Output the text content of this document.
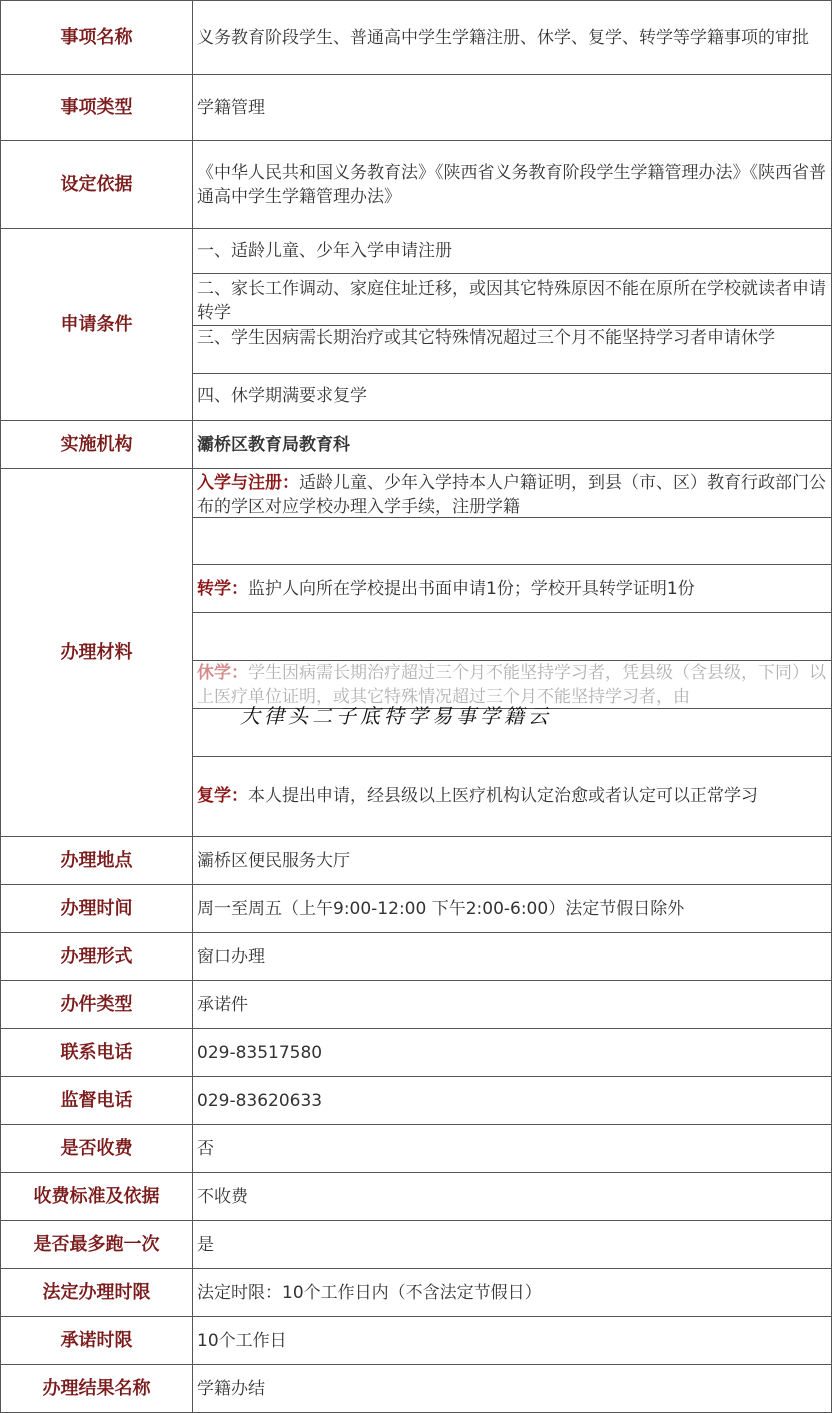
事项名称	义务教育阶段学生、普通高中学生学籍注册、休学、复学、转学等学籍事项的审批
事项类型	学籍管理
设定依据	《中华人民共和国义务教育法》《陕西省义务教育阶段学生学籍管理办法》《陕西省普通高中学生学籍管理办法》
申请条件	一、适龄儿童、少年入学申请注册
二、家长工作调动、家庭住址迁移，或因其它特殊原因不能在原所在学校就读者申请转学
三、学生因病需长期治疗或其它特殊情况超过三个月不能坚持学习者申请休学
四、休学期满要求复学

实施机构	灞桥区教育局教育科
办理材料	入学与注册：适龄儿童、少年入学持本人户籍证明，到县（市、区）教育行政部门公布的学区对应学校办理入学手续，注册学籍
转学：监护人向所在学校提出书面申请1份；学校开具转学证明1份
休学：学生因病需长期治疗超过三个月不能坚持学习者，凭县级（含县级，下同）以上医疗单位证明，或其它特殊情况超过三个月不能坚持学习者，由
复学：本人提出申请，经县级以上医疗机构认定治愈或者认定可以正常学习

办理地点	灞桥区便民服务大厅
办理时间	周一至周五（上午9:00-12:00 下午2:00-6:00）法定节假日除外
办理形式	窗口办理
办件类型	承诺件
联系电话	029-83517580
监督电话	029-83620633
是否收费	否
收费标准及依据	不收费
是否最多跑一次	是
法定办理时限	法定时限：10个工作日内（不含法定节假日）
承诺时限	10个工作日
办理结果名称	学籍办结
大律头二子底特学易事学籍云
